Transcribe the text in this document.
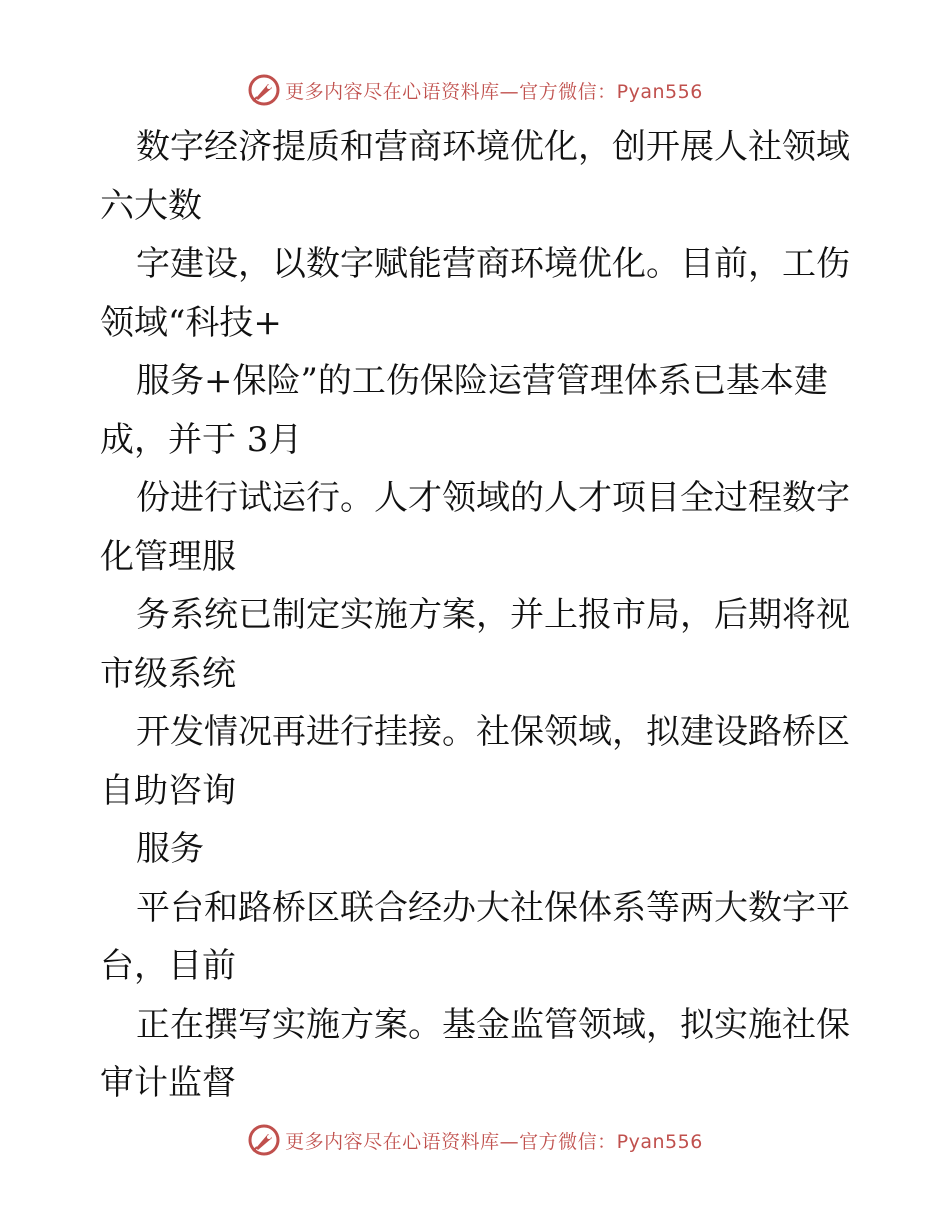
更多内容尽在心语资料库—官方微信：Pyan556
数字经济提质和营商环境优化，创开展人社领域
六大数
字建设，以数字赋能营商环境优化。目前，工伤
领域“科技+
服务+保险”的工伤保险运营管理体系已基本建
成，并于 3月
份进行试运行。人才领域的人才项目全过程数字
化管理服
务系统已制定实施方案，并上报市局，后期将视
市级系统
开发情况再进行挂接。社保领域，拟建设路桥区
自助咨询
服务
平台和路桥区联合经办大社保体系等两大数字平
台，目前
正在撰写实施方案。基金监管领域，拟实施社保
审计监督
更多内容尽在心语资料库—官方微信：Pyan556
